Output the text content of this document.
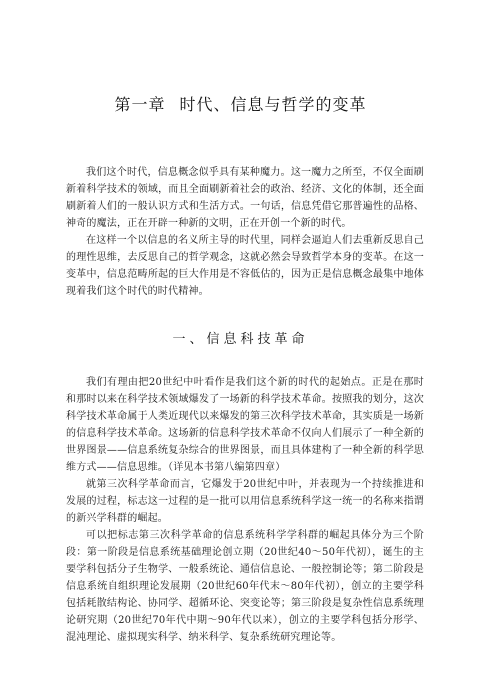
第一章 时代、信息与哲学的变革

我们这个时代，信息概念似乎具有某种魔力。这一魔力之所至，不仅全面刷新着科学技术的领域，而且全面刷新着社会的政治、经济、文化的体制，还全面刷新着人们的一般认识方式和生活方式。一句话，信息凭借它那普遍性的品格、神奇的魔法，正在开辟一种新的文明，正在开创一个新的时代。

在这样一个以信息的名义所主导的时代里，同样会逼迫人们去重新反思自己的理性思维，去反思自己的哲学观念，这就必然会导致哲学本身的变革。在这一变革中，信息范畴所起的巨大作用是不容低估的，因为正是信息概念最集中地体现着我们这个时代的时代精神。

一、信息科技革命

我们有理由把20世纪中叶看作是我们这个新的时代的起始点。正是在那时和那时以来在科学技术领域爆发了一场新的科学技术革命。按照我的划分，这次科学技术革命属于人类近现代以来爆发的第三次科学技术革命，其实质是一场新的信息科学技术革命。这场新的信息科学技术革命不仅向人们展示了一种全新的世界图景——信息系统复杂综合的世界图景，而且具体建构了一种全新的科学思维方式——信息思维。（详见本书第八编第四章）

就第三次科学革命而言，它爆发于20世纪中叶，并表现为一个持续推进和发展的过程，标志这一过程的是一批可以用信息系统科学这一统一的名称来指谓的新兴学科群的崛起。

可以把标志第三次科学革命的信息系统科学学科群的崛起具体分为三个阶段：第一阶段是信息系统基础理论创立期（20世纪40～50年代初），诞生的主要学科包括分子生物学、一般系统论、通信信息论、一般控制论等；第二阶段是信息系统自组织理论发展期（20世纪60年代末～80年代初），创立的主要学科包括耗散结构论、协同学、超循环论、突变论等；第三阶段是复杂性信息系统理论研究期（20世纪70年代中期～90年代以来），创立的主要学科包括分形学、混沌理论、虚拟现实科学、纳米科学、复杂系统研究理论等。
